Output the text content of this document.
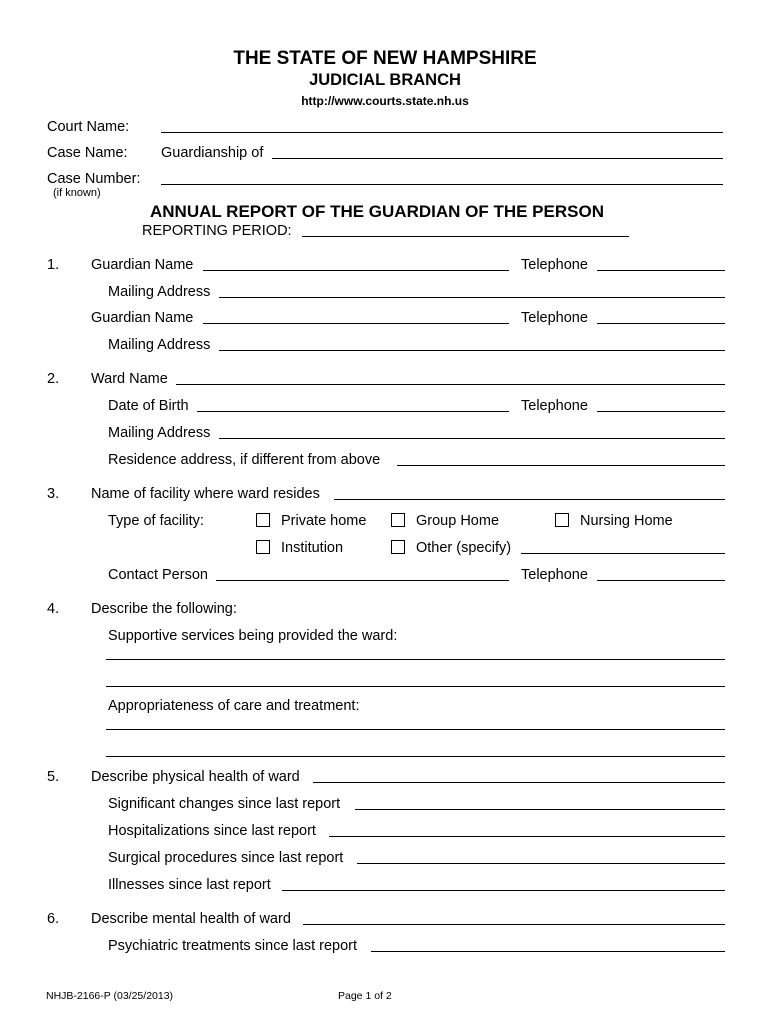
THE STATE OF NEW HAMPSHIRE
JUDICIAL BRANCH
http://www.courts.state.nh.us
Court Name:
Case Name: Guardianship of
Case Number:
(if known)
ANNUAL REPORT OF THE GUARDIAN OF THE PERSON
REPORTING PERIOD:
1. Guardian Name	Telephone
Mailing Address
Guardian Name	Telephone
Mailing Address
2. Ward Name
Date of Birth	Telephone
Mailing Address
Residence address, if different from above
3. Name of facility where ward resides
Type of facility:	Private home	Group Home	Nursing Home
Institution	Other (specify)
Contact Person	Telephone
4. Describe the following:
Supportive services being provided the ward:
Appropriateness of care and treatment:
5. Describe physical health of ward
Significant changes since last report
Hospitalizations since last report
Surgical procedures since last report
Illnesses since last report
6. Describe mental health of ward
Psychiatric treatments since last report
NHJB-2166-P (03/25/2013)	Page 1 of 2
